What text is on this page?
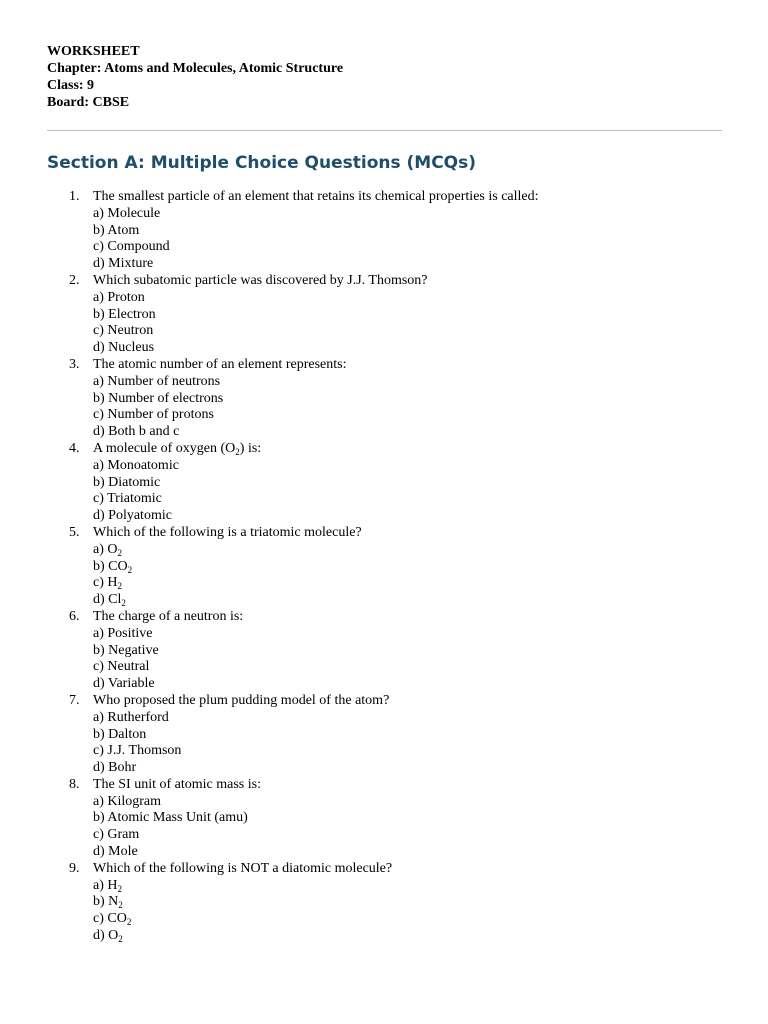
WORKSHEET
Chapter: Atoms and Molecules, Atomic Structure
Class: 9
Board: CBSE
Section A: Multiple Choice Questions (MCQs)
1. The smallest particle of an element that retains its chemical properties is called:
a) Molecule
b) Atom
c) Compound
d) Mixture
2. Which subatomic particle was discovered by J.J. Thomson?
a) Proton
b) Electron
c) Neutron
d) Nucleus
3. The atomic number of an element represents:
a) Number of neutrons
b) Number of electrons
c) Number of protons
d) Both b and c
4. A molecule of oxygen $(O_2)$ is:
a) Monoatomic
b) Diatomic
c) Triatomic
d) Polyatomic
5. Which of the following is a triatomic molecule?
a) $O_2$
b) $CO_2$
c) $H_2$
d) $Cl_2$
6. The charge of a neutron is:
a) Positive
b) Negative
c) Neutral
d) Variable
7. Who proposed the plum pudding model of the atom?
a) Rutherford
b) Dalton
c) J.J. Thomson
d) Bohr
8. The SI unit of atomic mass is:
a) Kilogram
b) Atomic Mass Unit (amu)
c) Gram
d) Mole
9. Which of the following is NOT a diatomic molecule?
a) $H_2$
b) $N_2$
c) $CO_2$
d) $O_2$
